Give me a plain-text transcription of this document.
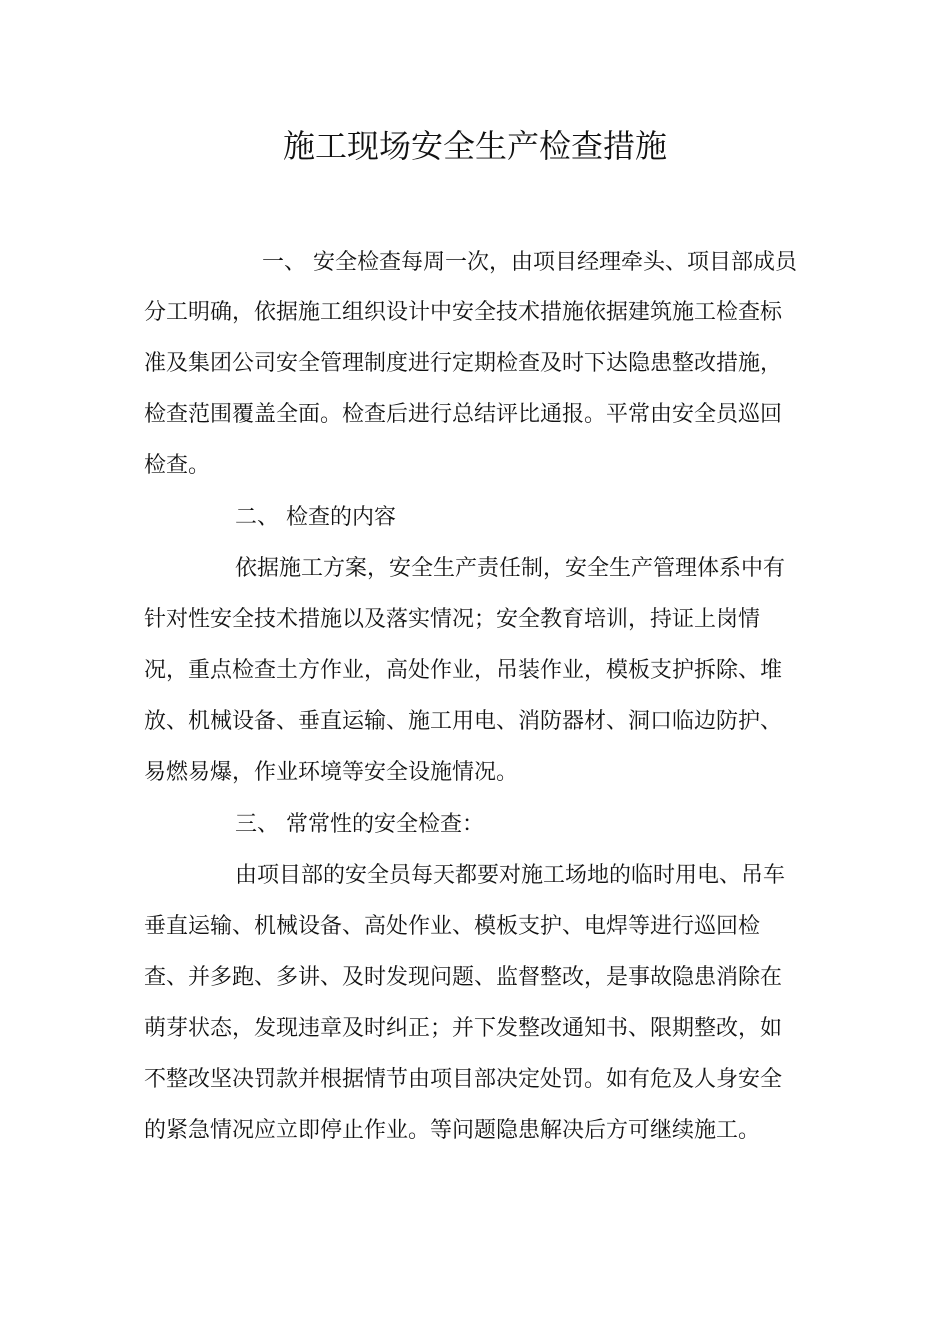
施工现场安全生产检查措施
一、 安全检查每周一次，由项目经理牵头、项目部成员
分工明确，依据施工组织设计中安全技术措施依据建筑施工检查标
准及集团公司安全管理制度进行定期检查及时下达隐患整改措施，
检查范围覆盖全面。检查后进行总结评比通报。平常由安全员巡回
检查。
二、 检查的内容
依据施工方案，安全生产责任制，安全生产管理体系中有
针对性安全技术措施以及落实情况；安全教育培训，持证上岗情
况，重点检查土方作业，高处作业，吊装作业，模板支护拆除、堆
放、机械设备、垂直运输、施工用电、消防器材、洞口临边防护、
易燃易爆，作业环境等安全设施情况。
三、 常常性的安全检查：
由项目部的安全员每天都要对施工场地的临时用电、吊车
垂直运输、机械设备、高处作业、模板支护、电焊等进行巡回检
查、并多跑、多讲、及时发现问题、监督整改，是事故隐患消除在
萌芽状态，发现违章及时纠正；并下发整改通知书、限期整改，如
不整改坚决罚款并根据情节由项目部决定处罚。如有危及人身安全
的紧急情况应立即停止作业。等问题隐患解决后方可继续施工。
